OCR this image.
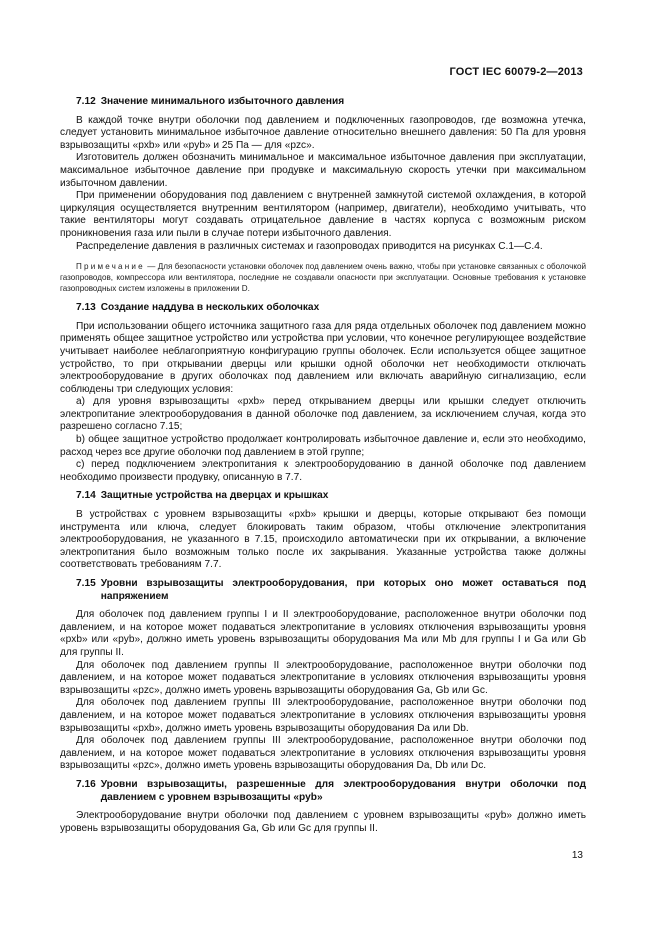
ГОСТ IEC 60079-2—2013
7.12 Значение минимального избыточного давления

В каждой точке внутри оболочки под давлением и подключенных газопроводов, где возможна утечка, следует установить минимальное избыточное давление относительно внешнего давления: 50 Па для уровня взрывозащиты «pxb» или «pyb» и 25 Па — для «pzc».

Изготовитель должен обозначить минимальное и максимальное избыточное давления при эксплуатации, максимальное избыточное давление при продувке и максимальную скорость утечки при максимальном избыточном давлении.

При применении оборудования под давлением с внутренней замкнутой системой охлаждения, в которой циркуляция осуществляется внутренним вентилятором (например, двигатели), необходимо учитывать, что такие вентиляторы могут создавать отрицательное давление в частях корпуса с возможным риском проникновения газа или пыли в случае потери избыточного давления.

Распределение давления в различных системах и газопроводах приводится на рисунках С.1—С.4.

Примечание — Для безопасности установки оболочек под давлением очень важно, чтобы при установке связанных с оболочкой газопроводов, компрессора или вентилятора, последние не создавали опасности при эксплуатации. Основные требования к установке газопроводных систем изложены в приложении D.
7.13 Создание наддува в нескольких оболочках

При использовании общего источника защитного газа для ряда отдельных оболочек под давлением можно применять общее защитное устройство или устройства при условии, что конечное регулирующее воздействие учитывает наиболее неблагоприятную конфигурацию группы оболочек. Если используется общее защитное устройство, то при открывании дверцы или крышки одной оболочки нет необходимости отключать электрооборудование в других оболочках под давлением или включать аварийную сигнализацию, если соблюдены три следующих условия:

а) для уровня взрывозащиты «pxb» перед открыванием дверцы или крышки следует отключить электропитание электрооборудования в данной оболочке под давлением, за исключением случая, когда это разрешено согласно 7.15;

b) общее защитное устройство продолжает контролировать избыточное давление и, если это необходимо, расход через все другие оболочки под давлением в этой группе;

с) перед подключением электропитания к электрооборудованию в данной оболочке под давлением необходимо произвести продувку, описанную в 7.7.

7.14 Защитные устройства на дверцах и крышках

В устройствах с уровнем взрывозащиты «pxb» крышки и дверцы, которые открывают без помощи инструмента или ключа, следует блокировать таким образом, чтобы отключение электропитания электрооборудования, не указанного в 7.15, происходило автоматически при их открывании, а включение электропитания было возможным только после их закрывания. Указанные устройства также должны соответствовать требованиям 7.7.

7.15 Уровни взрывозащиты электрооборудования, при которых оно может оставаться под напряжением

Для оболочек под давлением группы I и II электрооборудование, расположенное внутри оболочки под давлением, и на которое может подаваться электропитание в условиях отключения взрывозащиты уровня «pxb» или «pyb», должно иметь уровень взрывозащиты оборудования Ма или Mb для группы I и Ga или Gb для группы II.

Для оболочек под давлением группы II электрооборудование, расположенное внутри оболочки под давлением, и на которое может подаваться электропитание в условиях отключения взрывозащиты уровня взрывозащиты «pzc», должно иметь уровень взрывозащиты оборудования Ga, Gb или Gc.

Для оболочек под давлением группы III электрооборудование, расположенное внутри оболочки под давлением, и на которое может подаваться электропитание в условиях отключения взрывозащиты уровня взрывозащиты «pxb», должно иметь уровень взрывозащиты оборудования Da или Db.

Для оболочек под давлением группы III электрооборудование, расположенное внутри оболочки под давлением, и на которое может подаваться электропитание в условиях отключения взрывозащиты уровня взрывозащиты «pzc», должно иметь уровень взрывозащиты оборудования Da, Db или Dc.

7.16 Уровни взрывозащиты, разрешенные для электрооборудования внутри оболочки под давлением с уровнем взрывозащиты «pyb»

Электрооборудование внутри оболочки под давлением с уровнем взрывозащиты «pyb» должно иметь уровень взрывозащиты оборудования Ga, Gb или Gc для группы II.

13
